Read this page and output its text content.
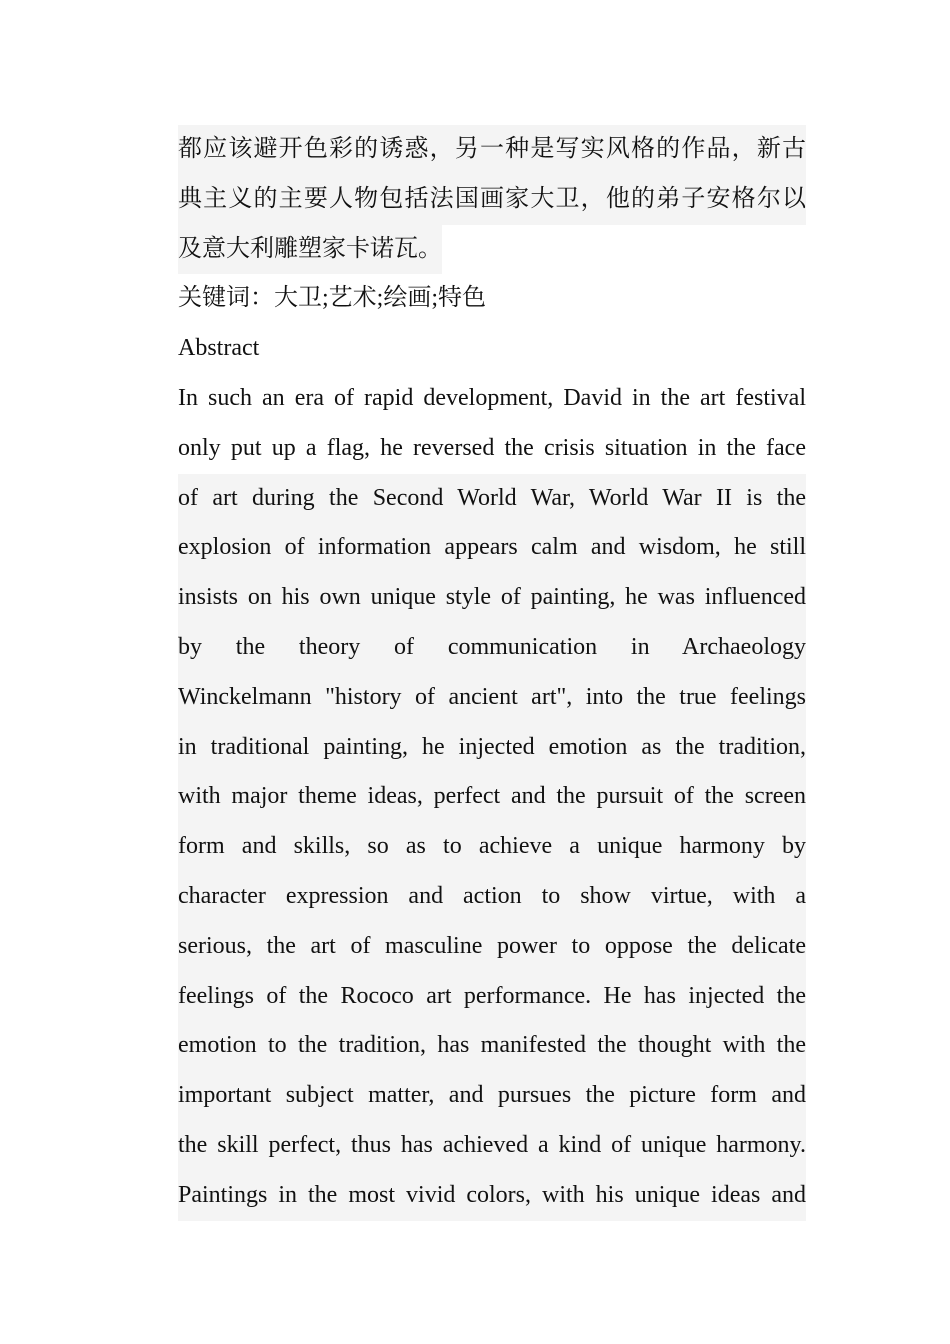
都应该避开色彩的诱惑，另一种是写实风格的作品，新古
典主义的主要人物包括法国画家大卫，他的弟子安格尔以
及意大利雕塑家卡诺瓦。
关键词：大卫;艺术;绘画;特色
Abstract
In such an era of rapid development, David in the art festival
only put up a flag, he reversed the crisis situation in the face
of art during the Second World War, World War II is the
explosion of information appears calm and wisdom, he still
insists on his own unique style of painting, he was influenced
by the theory of communication in Archaeology
Winckelmann "history of ancient art", into the true feelings
in traditional painting, he injected emotion as the tradition,
with major theme ideas, perfect and the pursuit of the screen
form and skills, so as to achieve a unique harmony by
character expression and action to show virtue, with a
serious, the art of masculine power to oppose the delicate
feelings of the Rococo art performance. He has injected the
emotion to the tradition, has manifested the thought with the
important subject matter, and pursues the picture form and
the skill perfect, thus has achieved a kind of unique harmony.
Paintings in the most vivid colors, with his unique ideas and
